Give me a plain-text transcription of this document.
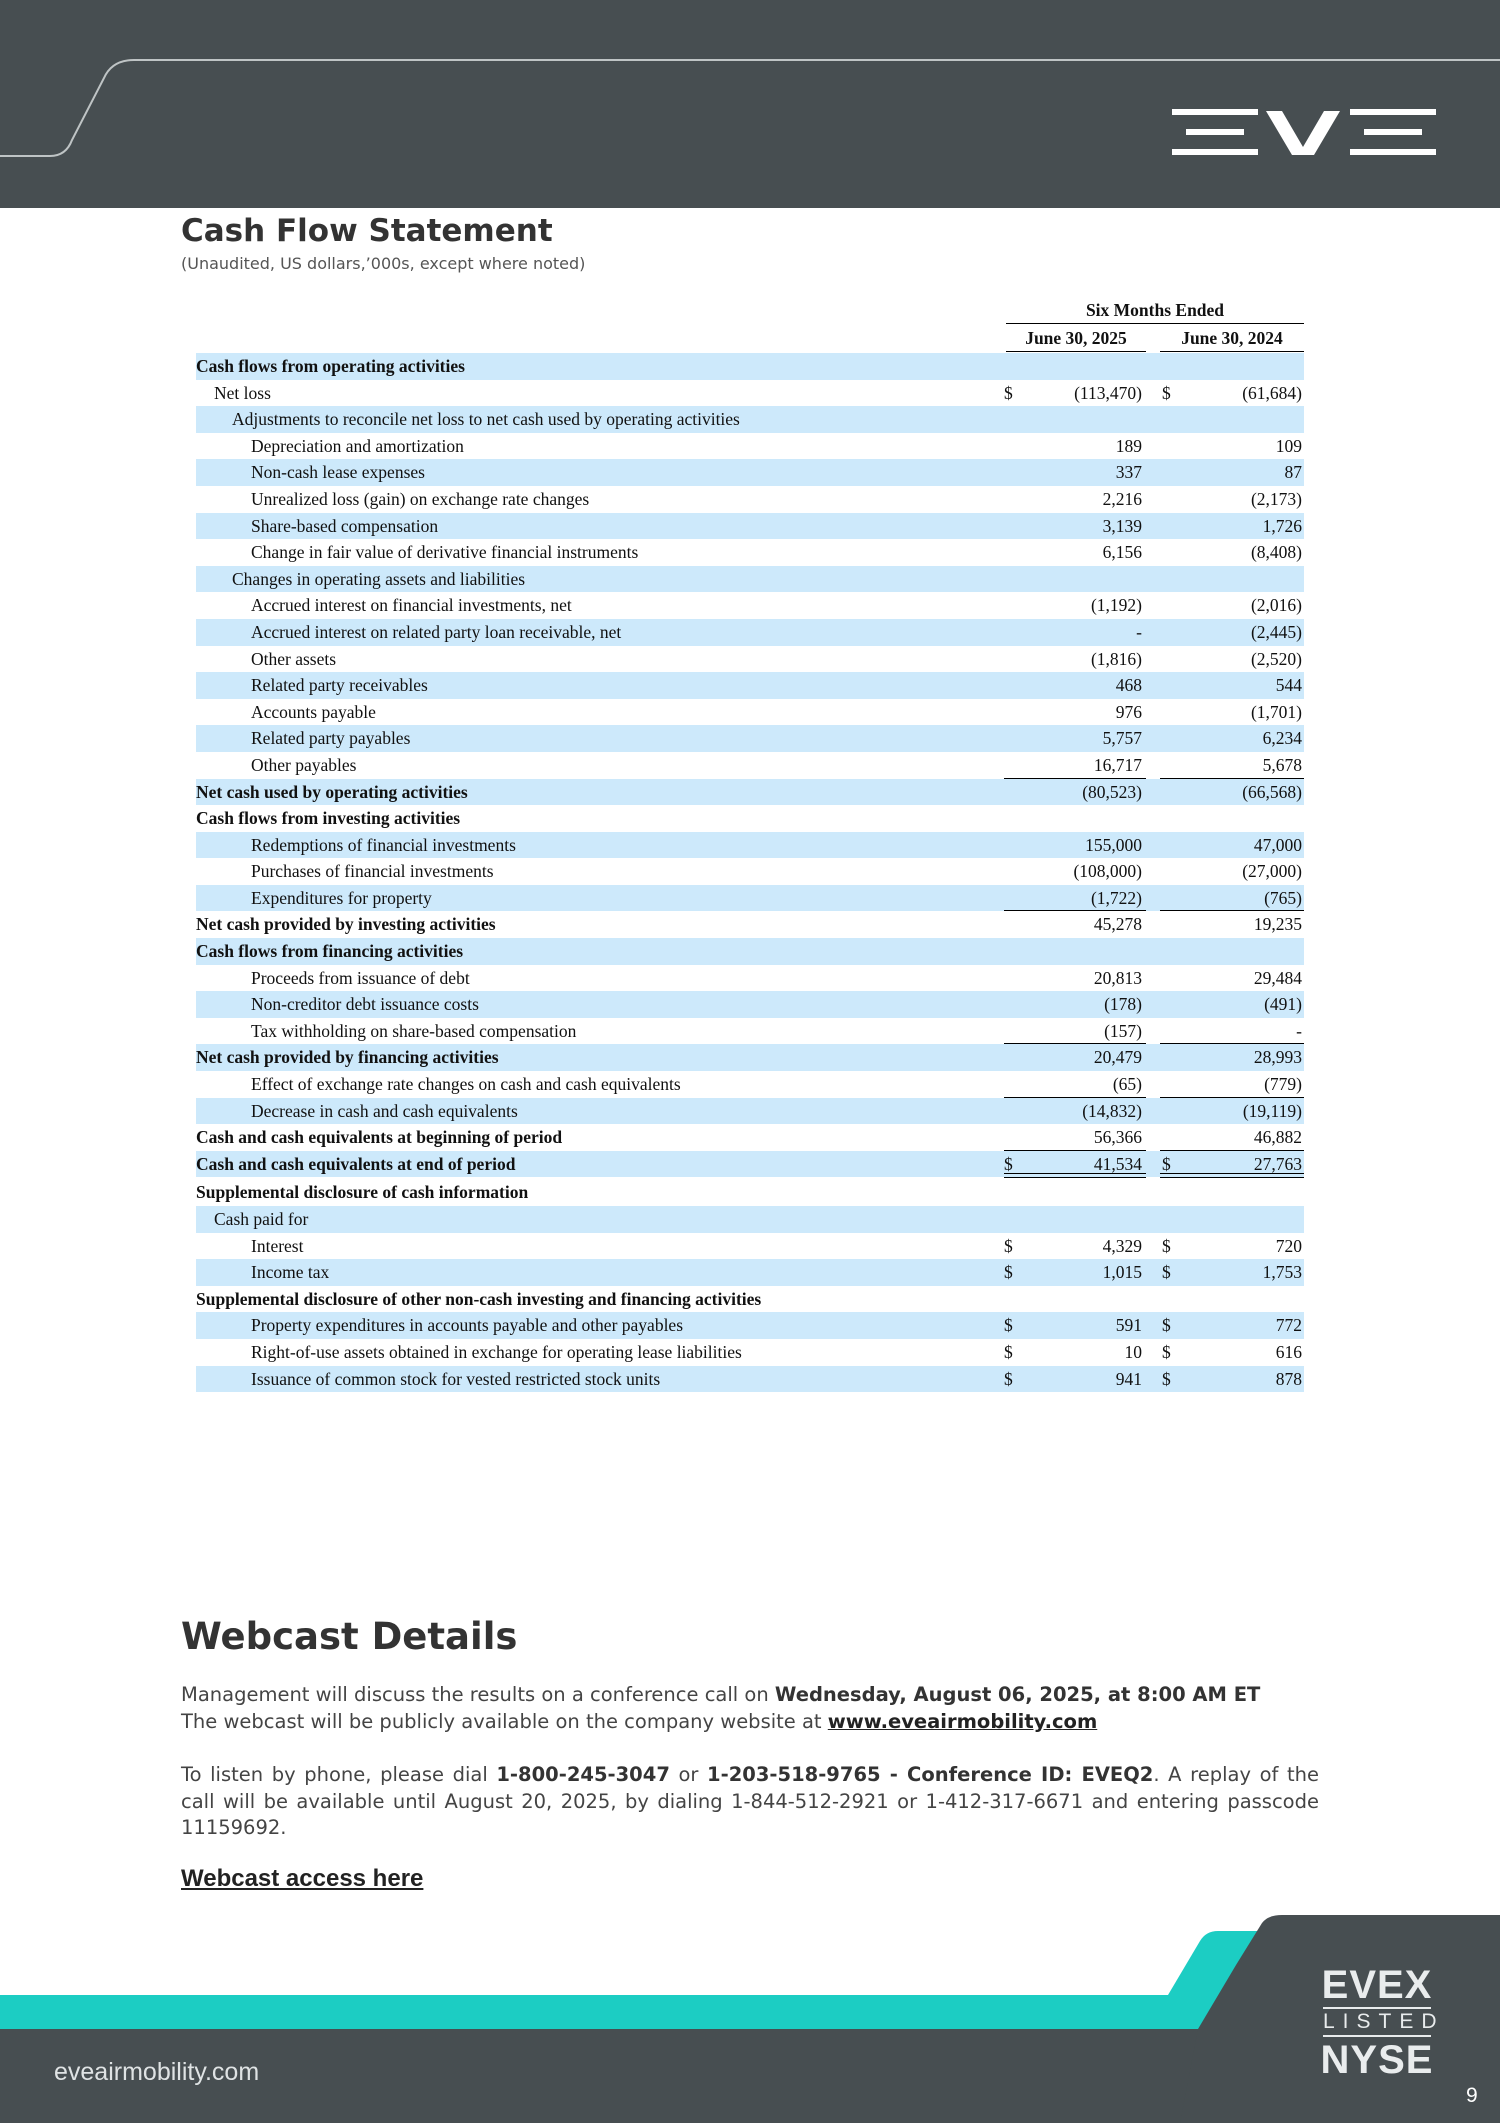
Cash Flow Statement
(Unaudited, US dollars,’000s, except where noted)
Six Months Ended
June 30, 2025	June 30, 2024
Cash flows from operating activities
Net loss	$	(113,470) $	(61,684)
Adjustments to reconcile net loss to net cash used by operating activities
Depreciation and amortization	189	109
Non-cash lease expenses	337	87
Unrealized loss (gain) on exchange rate changes	2,216	(2,173)
Share-based compensation	3,139	1,726
Change in fair value of derivative financial instruments	6,156	(8,408)
Changes in operating assets and liabilities
Accrued interest on financial investments, net	(1,192)	(2,016)
Accrued interest on related party loan receivable, net	-	(2,445)
Other assets	(1,816)	(2,520)
Related party receivables	468	544
Accounts payable	976	(1,701)
Related party payables	5,757	6,234
Other payables	16,717	5,678
Net cash used by operating activities	(80,523)	(66,568)
Cash flows from investing activities
Redemptions of financial investments	155,000	47,000
Purchases of financial investments	(108,000)	(27,000)
Expenditures for property	(1,722)	(765)
Net cash provided by investing activities	45,278	19,235
Cash flows from financing activities
Proceeds from issuance of debt	20,813	29,484
Non-creditor debt issuance costs	(178)	(491)
Tax withholding on share-based compensation	(157)	-
Net cash provided by financing activities	20,479	28,993
Effect of exchange rate changes on cash and cash equivalents	(65)	(779)
Decrease in cash and cash equivalents	(14,832)	(19,119)
Cash and cash equivalents at beginning of period	56,366	46,882
Cash and cash equivalents at end of period	$	41,534 $	27,763
Supplemental disclosure of cash information
Cash paid for
Interest	$	4,329 $	720
Income tax	$	1,015 $	1,753
Supplemental disclosure of other non-cash investing and financing activities
Property expenditures in accounts payable and other payables	$	591 $	772
Right-of-use assets obtained in exchange for operating lease liabilities	$	10 $	616
Issuance of common stock for vested restricted stock units	$	941 $	878
Webcast Details
Management will discuss the results on a conference call on Wednesday, August 06, 2025, at 8:00 AM ET
The webcast will be publicly available on the company website at www.eveairmobility.com
To listen by phone, please dial 1-800-245-3047 or 1-203-518-9765 - Conference ID: EVEQ2. A replay of the call will be available until August 20, 2025, by dialing 1-844-512-2921 or 1-412-317-6671 and entering passcode 11159692.
Webcast access here
eveairmobility.com
EVEX
LISTED
NYSE
9
